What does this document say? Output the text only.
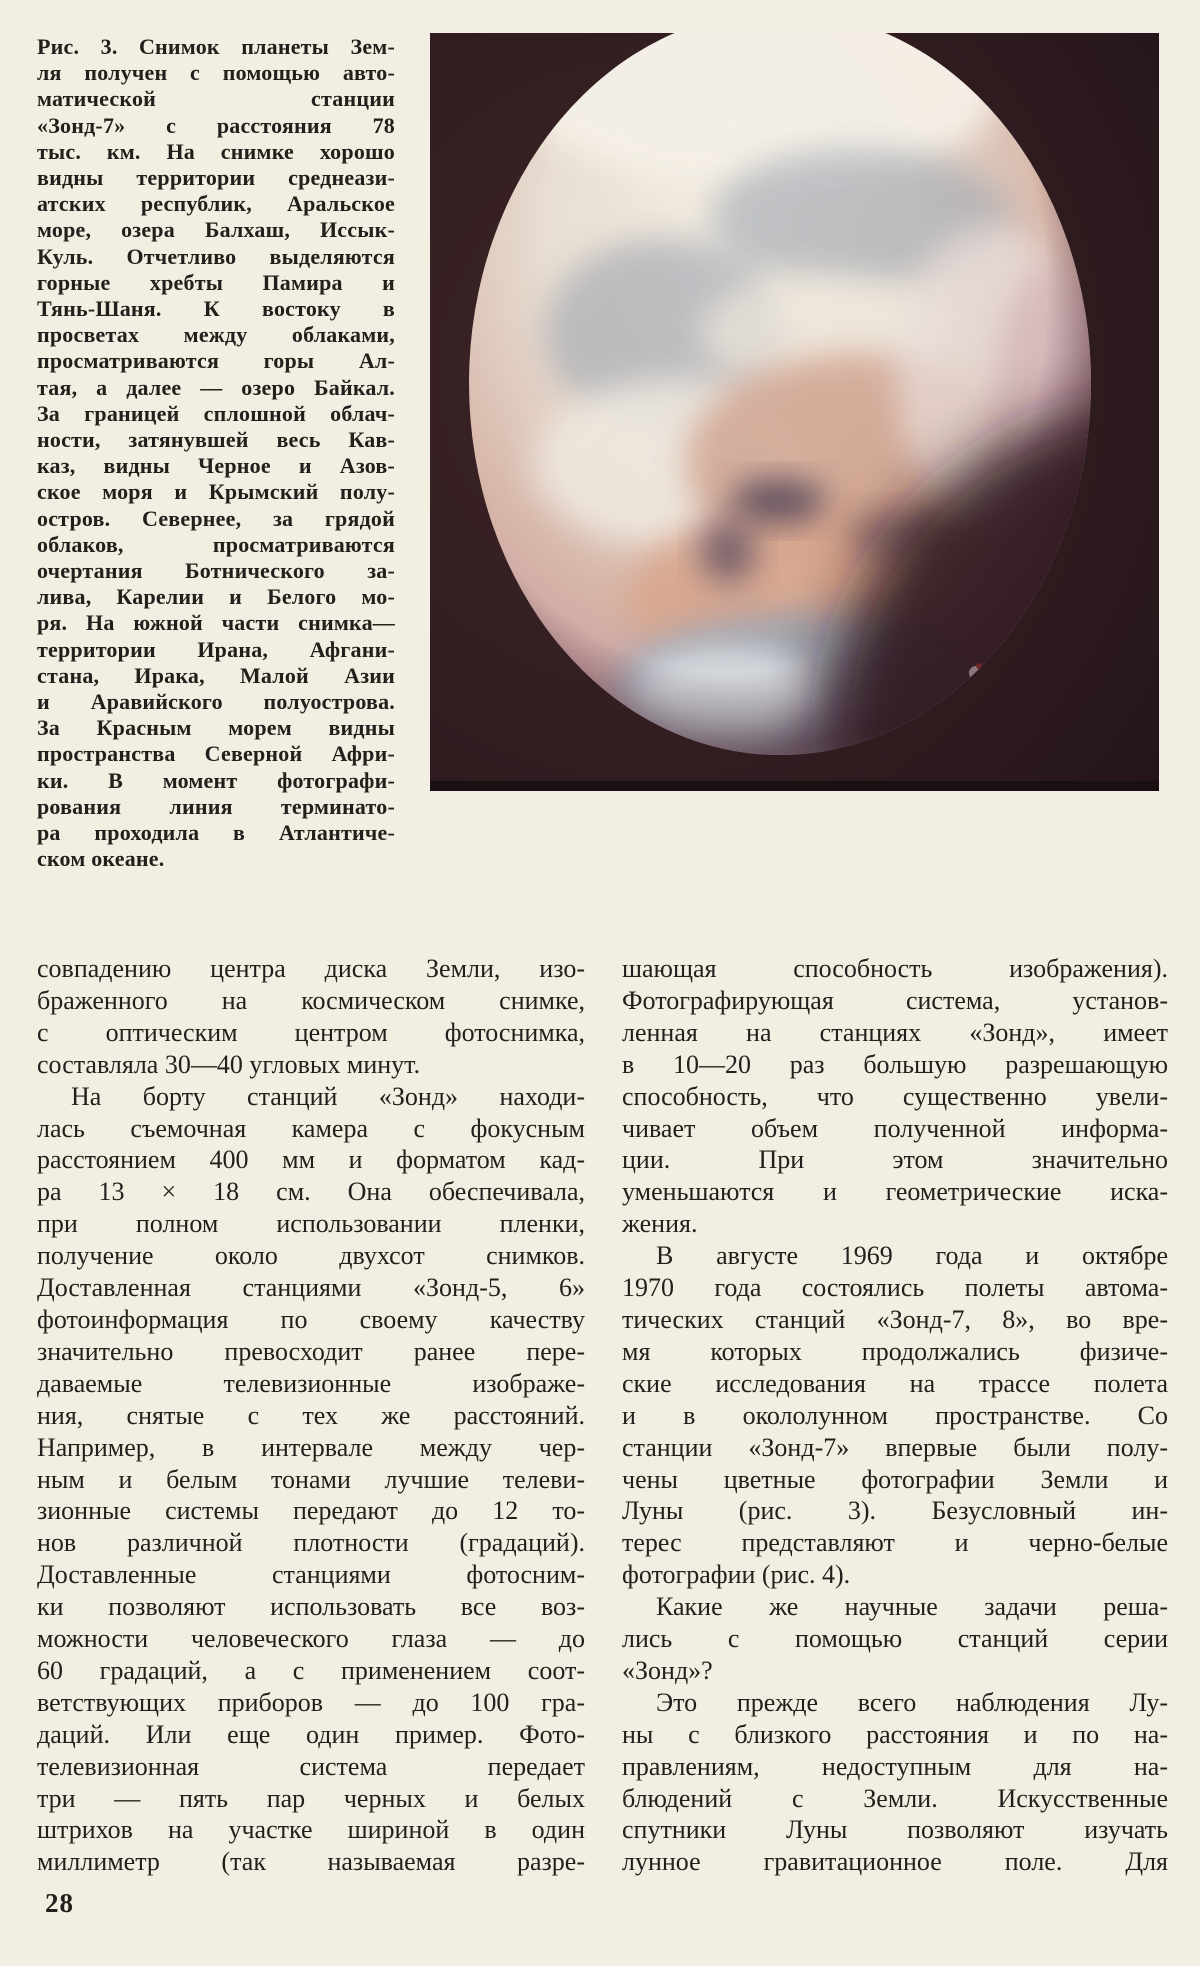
Рис. 3. Снимок планеты Зем-
ля получен с помощью авто-
матической станции
«Зонд-7» с расстояния 78
тыс. км. На снимке хорошо
видны территории среднеази-
атских республик, Аральское
море, озера Балхаш, Иссык-
Куль. Отчетливо выделяются
горные хребты Памира и
Тянь-Шаня. К востоку в
просветах между облаками,
просматриваются горы Ал-
тая, а далее — озеро Байкал.
За границей сплошной облач-
ности, затянувшей весь Кав-
каз, видны Черное и Азов-
ское моря и Крымский полу-
остров. Севернее, за грядой
облаков, просматриваются
очертания Ботнического за-
лива, Карелии и Белого мо-
ря. На южной части снимка—
территории Ирана, Афгани-
стана, Ирака, Малой Азии
и Аравийского полуострова.
За Красным морем видны
пространства Северной Афри-
ки. В момент фотографи-
рования линия терминато-
ра проходила в Атлантиче-
ском океане.
совпадению центра диска Земли, изо-
браженного на космическом снимке,
с оптическим центром фотоснимка,
составляла 30—40 угловых минут.
На борту станций «Зонд» находи-
лась съемочная камера с фокусным
расстоянием 400 мм и форматом кад-
ра 13 × 18 см. Она обеспечивала,
при полном использовании пленки,
получение около двухсот снимков.
Доставленная станциями «Зонд-5, 6»
фотоинформация по своему качеству
значительно превосходит ранее пере-
даваемые телевизионные изображе-
ния, снятые с тех же расстояний.
Например, в интервале между чер-
ным и белым тонами лучшие телеви-
зионные системы передают до 12 то-
нов различной плотности (градаций).
Доставленные станциями фотосним-
ки позволяют использовать все воз-
можности человеческого глаза — до
60 градаций, а с применением соот-
ветствующих приборов — до 100 гра-
даций. Или еще один пример. Фото-
телевизионная система передает
три — пять пар черных и белых
штрихов на участке шириной в один
миллиметр (так называемая разре-
шающая способность изображения).
Фотографирующая система, установ-
ленная на станциях «Зонд», имеет
в 10—20 раз большую разрешающую
способность, что существенно увели-
чивает объем полученной информа-
ции. При этом значительно
уменьшаются и геометрические иска-
жения.
В августе 1969 года и октябре
1970 года состоялись полеты автома-
тических станций «Зонд-7, 8», во вре-
мя которых продолжались физиче-
ские исследования на трассе полета
и в окололунном пространстве. Со
станции «Зонд-7» впервые были полу-
чены цветные фотографии Земли и
Луны (рис. 3). Безусловный ин-
терес представляют и черно-белые
фотографии (рис. 4).
Какие же научные задачи реша-
лись с помощью станций серии
«Зонд»?
Это прежде всего наблюдения Лу-
ны с близкого расстояния и по на-
правлениям, недоступным для на-
блюдений с Земли. Искусственные
спутники Луны позволяют изучать
лунное гравитационное поле. Для
28
